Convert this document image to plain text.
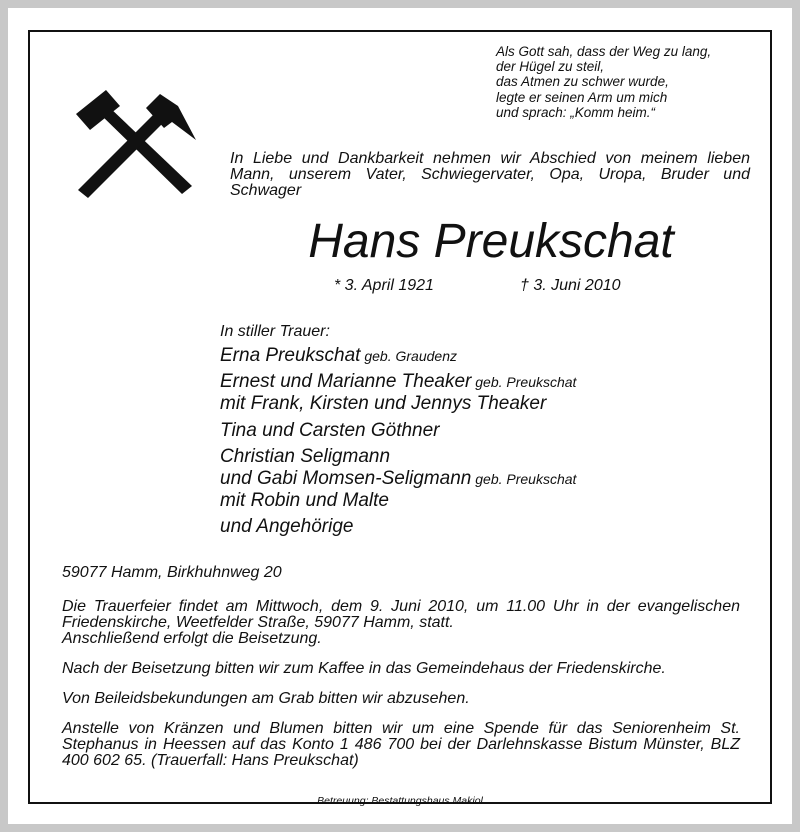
Als Gott sah, dass der Weg zu lang,
der Hügel zu steil,
das Atmen zu schwer wurde,
legte er seinen Arm um mich
und sprach: „Komm heim.“
In Liebe und Dankbarkeit nehmen wir Abschied von meinem lieben Mann, unserem Vater, Schwiegervater, Opa, Uropa, Bruder und Schwager
Hans Preukschat
* 3. April 1921	† 3. Juni 2010
In stiller Trauer:
Erna Preukschat geb. Graudenz
Ernest und Marianne Theaker geb. Preukschat
mit Frank, Kirsten und Jennys Theaker
Tina und Carsten Göthner
Christian Seligmann
und Gabi Momsen-Seligmann geb. Preukschat
mit Robin und Malte
und Angehörige
59077 Hamm, Birkhuhnweg 20

Die Trauerfeier findet am Mittwoch, dem 9. Juni 2010, um 11.00 Uhr in der evangelischen Friedenskirche, Weetfelder Straße, 59077 Hamm, statt.

Anschließend erfolgt die Beisetzung.

Nach der Beisetzung bitten wir zum Kaffee in das Gemeindehaus der Friedenskirche.

Von Beileidsbekundungen am Grab bitten wir abzusehen.

Anstelle von Kränzen und Blumen bitten wir um eine Spende für das Seniorenheim St. Stephanus in Heessen auf das Konto 1 486 700 bei der Darlehnskasse Bistum Münster, BLZ 400 602 65. (Trauerfall: Hans Preukschat)

Betreuung: Bestattungshaus Makiol
